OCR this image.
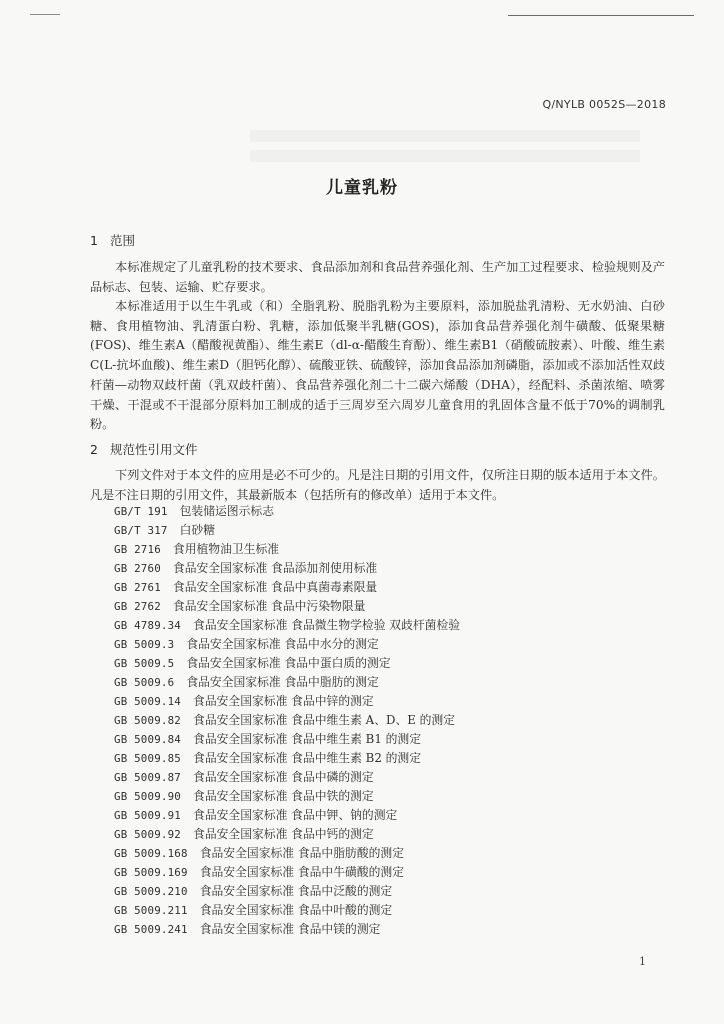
Q/NYLB 0052S—2018
儿童乳粉
1 范围

本标准规定了儿童乳粉的技术要求、食品添加剂和食品营养强化剂、生产加工过程要求、检验规则及产品标志、包装、运输、贮存要求。

本标准适用于以生牛乳或（和）全脂乳粉、脱脂乳粉为主要原料，添加脱盐乳清粉、无水奶油、白砂糖、食用植物油、乳清蛋白粉、乳糖，添加低聚半乳糖(GOS)，添加食品营养强化剂牛磺酸、低聚果糖(FOS)、维生素A（醋酸视黄酯）、维生素E（dl-α-醋酸生育酚）、维生素B1（硝酸硫胺素）、叶酸、维生素C(L-抗坏血酸)、维生素D（胆钙化醇）、硫酸亚铁、硫酸锌，添加食品添加剂磷脂，添加或不添加活性双歧杆菌—动物双歧杆菌（乳双歧杆菌）、食品营养强化剂二十二碳六烯酸（DHA），经配料、杀菌浓缩、喷雾干燥、干混或不干混部分原料加工制成的适于三周岁至六周岁儿童食用的乳固体含量不低于70%的调制乳粉。

2 规范性引用文件

下列文件对于本文件的应用是必不可少的。凡是注日期的引用文件，仅所注日期的版本适用于本文件。凡是不注日期的引用文件，其最新版本（包括所有的修改单）适用于本文件。

GB/T 191 包装储运图示标志
GB/T 317 白砂糖
GB 2716 食用植物油卫生标准
GB 2760 食品安全国家标准 食品添加剂使用标准
GB 2761 食品安全国家标准 食品中真菌毒素限量
GB 2762 食品安全国家标准 食品中污染物限量
GB 4789.34 食品安全国家标准 食品微生物学检验 双歧杆菌检验
GB 5009.3 食品安全国家标准 食品中水分的测定
GB 5009.5 食品安全国家标准 食品中蛋白质的测定
GB 5009.6 食品安全国家标准 食品中脂肪的测定
GB 5009.14 食品安全国家标准 食品中锌的测定
GB 5009.82 食品安全国家标准 食品中维生素 A、D、E 的测定
GB 5009.84 食品安全国家标准 食品中维生素 B1 的测定
GB 5009.85 食品安全国家标准 食品中维生素 B2 的测定
GB 5009.87 食品安全国家标准 食品中磷的测定
GB 5009.90 食品安全国家标准 食品中铁的测定
GB 5009.91 食品安全国家标准 食品中钾、钠的测定
GB 5009.92 食品安全国家标准 食品中钙的测定
GB 5009.168 食品安全国家标准 食品中脂肪酸的测定
GB 5009.169 食品安全国家标准 食品中牛磺酸的测定
GB 5009.210 食品安全国家标准 食品中泛酸的测定
GB 5009.211 食品安全国家标准 食品中叶酸的测定
GB 5009.241 食品安全国家标准 食品中镁的测定
1
